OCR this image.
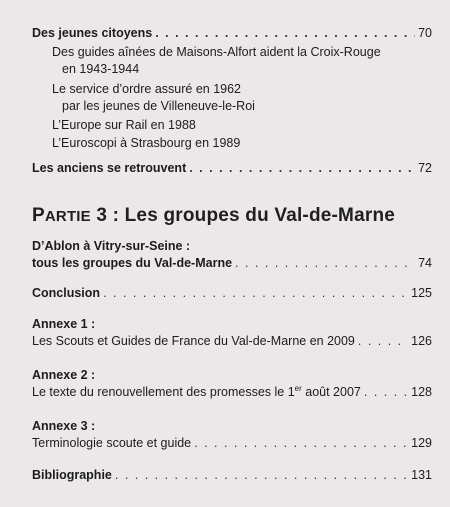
Des jeunes citoyens . . .	70
Des guides aînées de Maisons-Alfort aident la Croix-Rouge
en 1943-1944
Le service d’ordre assuré en 1962
par les jeunes de Villeneuve-le-Roi
L’Europe sur Rail en 1988
L’Euroscopi à Strasbourg en 1989
Les anciens se retrouvent . . .	72
PARTIE 3 : Les groupes du Val-de-Marne
D’Ablon à Vitry-sur-Seine :
tous les groupes du Val-de-Marne . . .	74
Conclusion . . .	125
Annexe 1 :
Les Scouts et Guides de France du Val-de-Marne en 2009 . . .	126
Annexe 2 :
Le texte du renouvellement des promesses le 1er août 2007 . . .	128
Annexe 3 :
Terminologie scoute et guide . . .	129
Bibliographie . . .	131
